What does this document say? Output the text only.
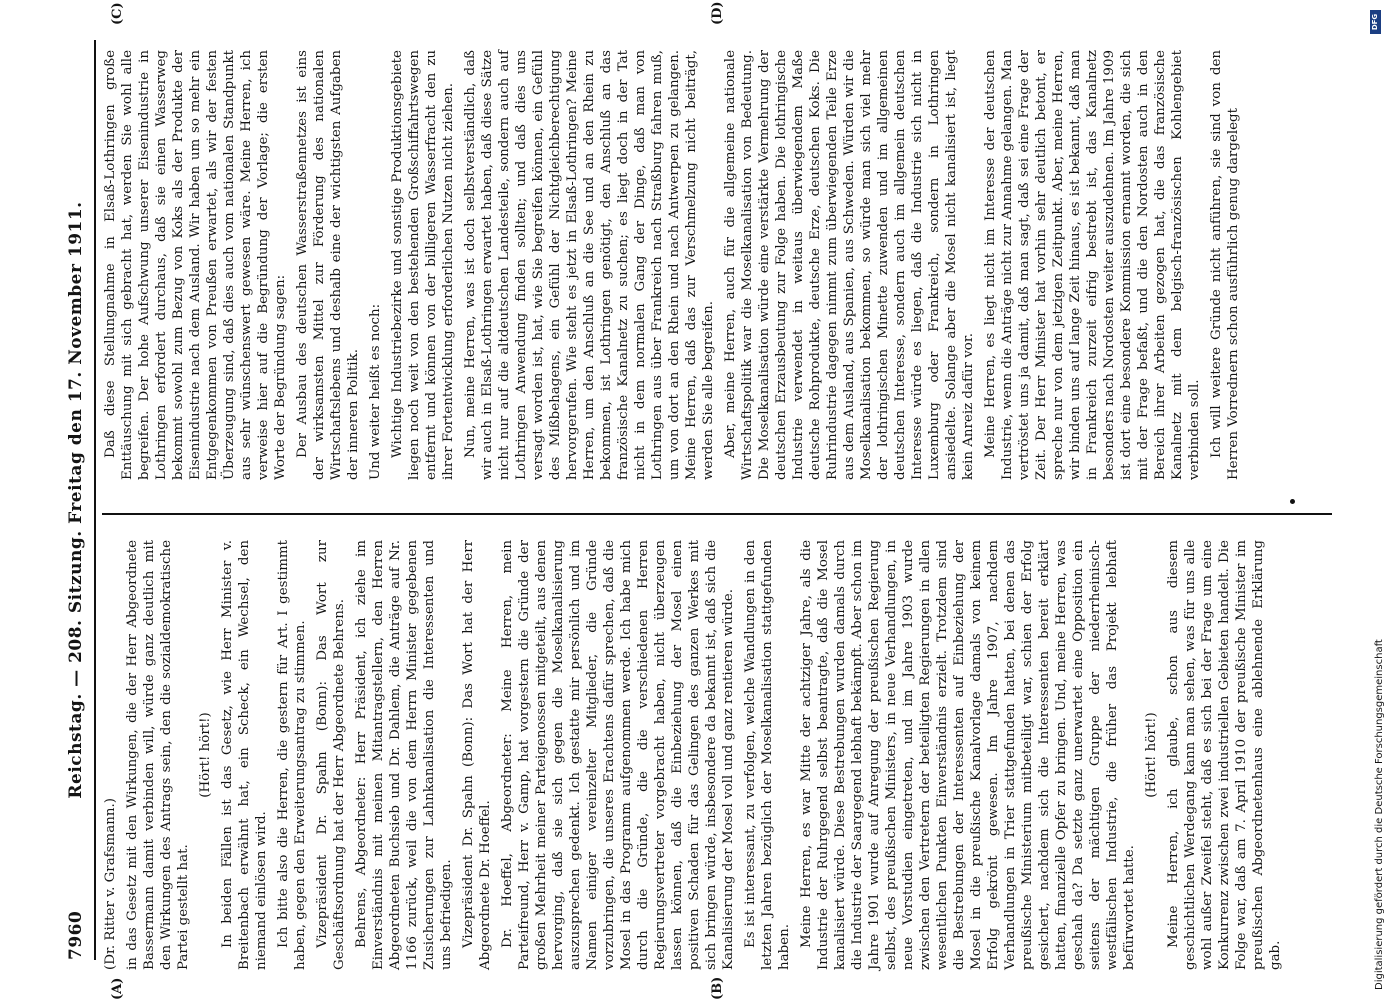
7960
Reichstag. — 208. Sitzung. Freitag den 17. November 1911.
(A)	(B)
(C)	(D)

(Dr. Ritter v. Grafsmann.) in das Gesetz mit den Wirkungen, die der Herr Abgeordnete Bassermann damit verbinden will, würde ganz deutlich mit den Wirkungen des Antrags sein, den die sozialdemokratische Partei gestellt hat.

(Hört! hört!) In beiden Fällen ist das Gesetz, wie Herr Minister v. Breitenbach erwähnt hat, ein Scheck, ein Wechsel, den niemand einlösen wird. Ich bitte also die Herren, die gestern für Art. I gestimmt haben, gegen den Erweiterungsantrag zu stimmen. Vizepräsident Dr. Spahn (Bonn): Das Wort zur Geschäftsordnung hat der Herr Abgeordnete Behrens. Behrens, Abgeordneter: Herr Präsident, ich ziehe im Einverständnis mit meinen Mitantragstellern, den Herren Abgeordneten Buchsieb und Dr. Dahlem, die Anträge auf Nr. 1166 zurück, weil die von dem Herrn Minister gegebenen Zusicherungen zur Lahnkanalisation die Interessenten und uns befriedigen. Vizepräsident Dr. Spahn (Bonn): Das Wort hat der Herr Abgeordnete Dr. Hoeffel. Dr. Hoeffel, Abgeordneter: Meine Herren, mein Parteifreund, Herr v. Gamp, hat vorgestern die Gründe der großen Mehrheit meiner Parteigenossen mitgeteilt, aus denen hervorging, daß sie sich gegen die Moselkanalisierung auszusprechen gedenkt. Ich gestatte mir persönlich und im Namen einiger vereinzelter Mitglieder, die Gründe vorzubringen, die unseres Erachtens dafür sprechen, daß die Mosel in das Programm aufgenommen werde. Ich habe mich durch die Gründe, die die verschiedenen Herren Regierungsvertreter vorgebracht haben, nicht überzeugen lassen können, daß die Einbeziehung der Mosel einen positiven Schaden für das Gelingen des ganzen Werkes mit sich bringen würde, insbesondere da bekannt ist, daß sich die Kanalisierung der Mosel voll und ganz rentieren würde. Es ist interessant, zu verfolgen, welche Wandlungen in den letzten Jahren bezüglich der Moselkanalisation stattgefunden haben. Meine Herren, es war Mitte der achtziger Jahre, als die Industrie der Ruhrgegend selbst beantragte, daß die Mosel kanalisiert würde. Diese Bestrebungen wurden damals durch die Industrie der Saargegend lebhaft bekämpft. Aber schon im Jahre 1901 wurde auf Anregung der preußischen Regierung selbst, des preußischen Ministers, in neue Verhandlungen, in neue Vorstudien eingetreten, und im Jahre 1903 wurde zwischen den Vertretern der beteiligten Regierungen in allen wesentlichen Punkten Einverständnis erzielt. Trotzdem sind die Bestrebungen der Interessenten auf Einbeziehung der Mosel in die preußische Kanalvorlage damals von keinem Erfolg gekrönt gewesen. Im Jahre 1907, nachdem Verhandlungen in Trier stattgefunden hatten, bei denen das preußische Ministerium mitbeteiligt war, schien der Erfolg gesichert, nachdem sich die Interessenten bereit erklärt hatten, finanzielle Opfer zu bringen. Und, meine Herren, was geschah da? Da setzte ganz unerwartet eine Opposition ein seitens der mächtigen Gruppe der niederrheinisch-westfälischen Industrie, die früher das Projekt lebhaft befürwortet hatte.

(Hört! hört!) Meine Herren, ich glaube, schon aus diesem geschichtlichen Werdegang kann man sehen, was für uns alle wohl außer Zweifel steht, daß es sich bei der Frage um eine Konkurrenz zwischen zwei industriellen Gebieten handelt. Die Folge war, daß am 7. April 1910 der preußische Minister im preußischen Abgeordnetenhaus eine ablehnende Erklärung gab.

Daß diese Stellungnahme in Elsaß-Lothringen große Enttäuschung mit sich gebracht hat, werden Sie wohl alle begreifen. Der hohe Aufschwung unserer Eisenindustrie in Lothringen erfordert durchaus, daß sie einen Wasserweg bekommt sowohl zum Bezug von Koks als der Produkte der Eisenindustrie nach dem Ausland. Wir haben um so mehr ein Entgegenkommen von Preußen erwartet, als wir der festen Überzeugung sind, daß dies auch vom nationalen Standpunkt aus sehr wünschenswert gewesen wäre. Meine Herren, ich verweise hier auf die Begründung der Vorlage; die ersten Worte der Begründung sagen: Der Ausbau des deutschen Wasserstraßennetzes ist eins der wirksamsten Mittel zur Förderung des nationalen Wirtschaftslebens und deshalb eine der wichtigsten Aufgaben der inneren Politik. Und weiter heißt es noch: Wichtige Industriebezirke und sonstige Produktionsgebiete liegen noch weit von den bestehenden Großschiffahrtswegen entfernt und können von der billigeren Wasserfracht den zu ihrer Fortentwicklung erforderlichen Nutzen nicht ziehen. Nun, meine Herren, was ist doch selbstverständlich, daß wir auch in Elsaß-Lothringen erwartet haben, daß diese Sätze nicht nur auf die altdeutschen Landesteile, sondern auch auf Lothringen Anwendung finden sollten; und daß dies uns versagt worden ist, hat, wie Sie begreifen können, ein Gefühl des Mißbehagens, ein Gefühl der Nichtgleichberechtigung hervorgerufen. Wie steht es jetzt in Elsaß-Lothringen? Meine Herren, um den Anschluß an die See und an den Rhein zu bekommen, ist Lothringen genötigt, den Anschluß an das französische Kanalnetz zu suchen; es liegt doch in der Tat nicht in dem normalen Gang der Dinge, daß man von Lothringen aus über Frankreich nach Straßburg fahren muß, um von dort an den Rhein und nach Antwerpen zu gelangen. Meine Herren, daß das zur Verschmelzung nicht beiträgt, werden Sie alle begreifen. Aber, meine Herren, auch für die allgemeine nationale Wirtschaftspolitik war die Moselkanalisation von Bedeutung. Die Moselkanalisation würde eine verstärkte Vermehrung der deutschen Erzausbeutung zur Folge haben. Die lothringische Industrie verwendet in weitaus überwiegendem Maße deutsche Rohprodukte, deutsche Erze, deutschen Koks. Die Ruhrindustrie dagegen nimmt zum überwiegenden Teile Erze aus dem Ausland, aus Spanien, aus Schweden. Würden wir die Moselkanalisation bekommen, so würde man sich viel mehr der lothringischen Minette zuwenden und im allgemeinen deutschen Interesse, sondern auch im allgemein deutschen Interesse würde es liegen, daß die Industrie sich nicht in Luxemburg oder Frankreich, sondern in Lothringen ansiedelte. Solange aber die Mosel nicht kanalisiert ist, liegt kein Anreiz dafür vor. Meine Herren, es liegt nicht im Interesse der deutschen Industrie, wenn die Anträge nicht zur Annahme gelangen. Man vertröstet uns ja damit, daß man sagt, daß sei eine Frage der Zeit. Der Herr Minister hat vorhin sehr deutlich betont, er spreche nur von dem jetzigen Zeitpunkt. Aber, meine Herren, wir binden uns auf lange Zeit hinaus, es ist bekannt, daß man in Frankreich zurzeit eifrig bestrebt ist, das Kanalnetz besonders nach Nordosten weiter auszudehnen. Im Jahre 1909 ist dort eine besondere Kommission ernannt worden, die sich mit der Frage befaßt, und die den Nordosten auch in den Bereich ihrer Arbeiten gezogen hat, die das französische Kanalnetz mit dem belgisch-französischen Kohlengebiet verbinden soll. Ich will weitere Gründe nicht anführen, sie sind von den Herren Vorrednern schon ausführlich genug dargelegt

Digitalisierung gefördert durch die Deutsche Forschungsgemeinschaft
DFG
